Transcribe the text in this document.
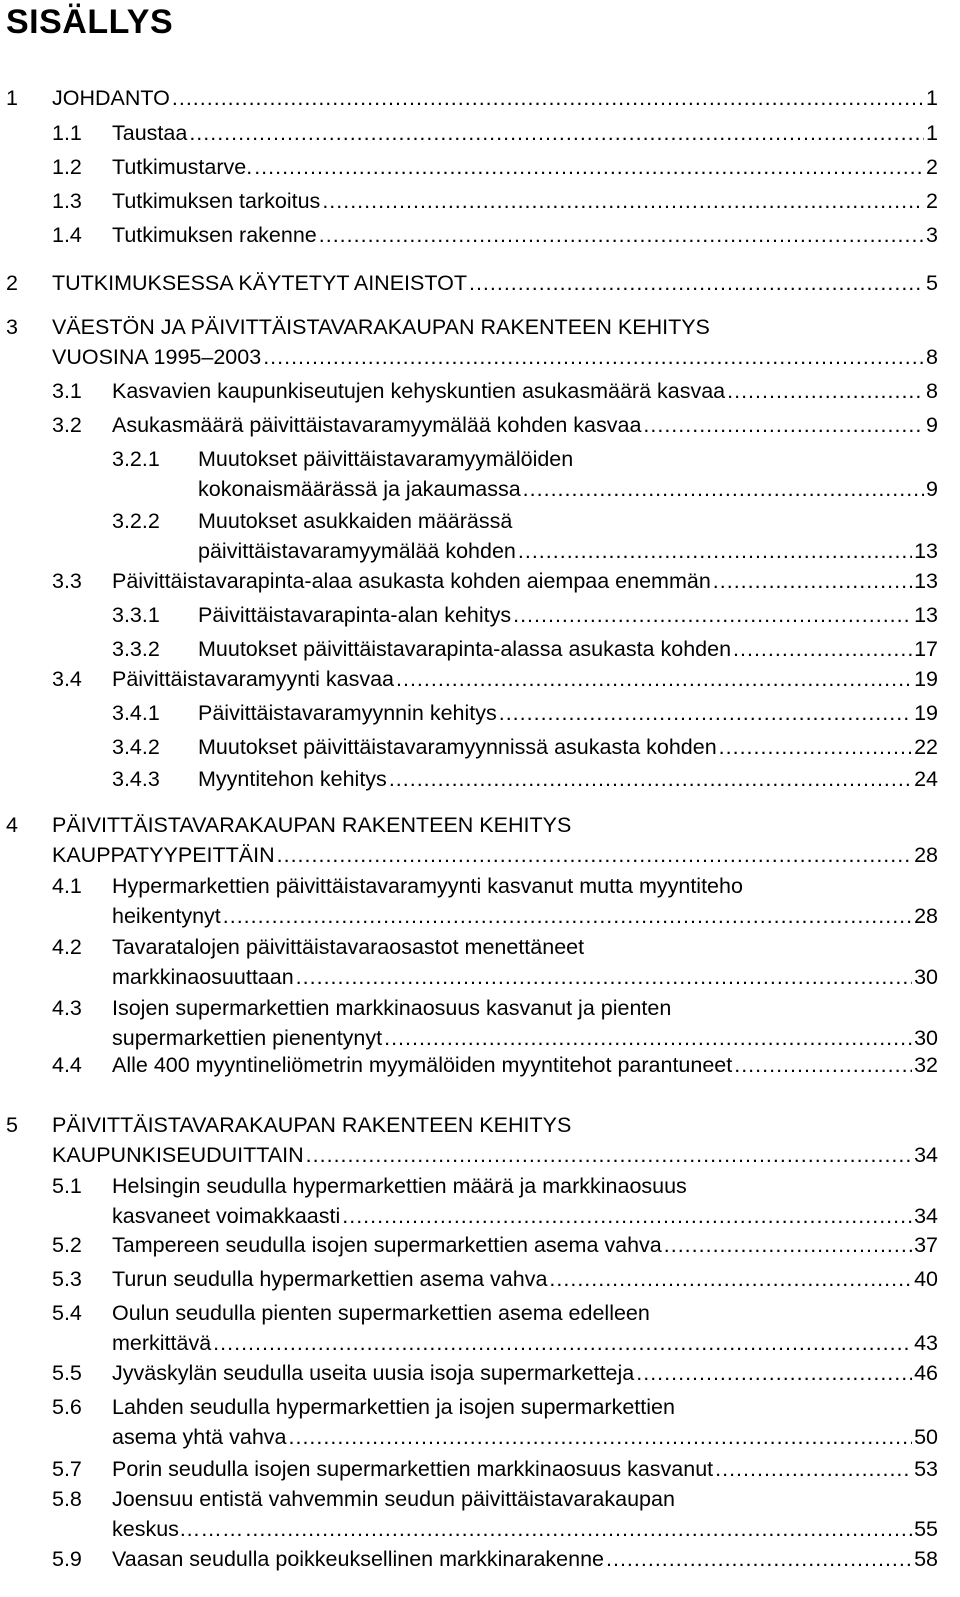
SISÄLLYS
1 JOHDANTO .....	1
1.1 Taustaa .....	1
1.2 Tutkimustarve. .....	2
1.3 Tutkimuksen tarkoitus .....	2
1.4 Tutkimuksen rakenne .....	3
2 TUTKIMUKSESSA KÄYTETYT AINEISTOT .....	5
3 VÄESTÖN JA PÄIVITTÄISTAVARAKAUPAN RAKENTEEN KEHITYS
VUOSINA 1995–2003 .....	8
3.1 Kasvavien kaupunkiseutujen kehyskuntien asukasmäärä kasvaa .....	8
3.2 Asukasmäärä päivittäistavaramyymälää kohden kasvaa .....	9
3.2.1 Muutokset päivittäistavaramyymälöiden
kokonaismäärässä ja jakaumassa .....	9
3.2.2 Muutokset asukkaiden määrässä
päivittäistavaramyymälää kohden .....	13
3.3 Päivittäistavarapinta-alaa asukasta kohden aiempaa enemmän .....	13
3.3.1 Päivittäistavarapinta-alan kehitys .....	13
3.3.2 Muutokset päivittäistavarapinta-alassa asukasta kohden .....	17
3.4 Päivittäistavaramyynti kasvaa .....	19
3.4.1 Päivittäistavaramyynnin kehitys .....	19
3.4.2 Muutokset päivittäistavaramyynnissä asukasta kohden .....	22
3.4.3 Myyntitehon kehitys .....	24
4 PÄIVITTÄISTAVARAKAUPAN RAKENTEEN KEHITYS
KAUPPATYYPEITTÄIN .....	28
4.1 Hypermarkettien päivittäistavaramyynti kasvanut mutta myyntiteho
heikentynyt .....	28
4.2 Tavaratalojen päivittäistavaraosastot menettäneet
markkinaosuuttaan .....	30
4.3 Isojen supermarkettien markkinaosuus kasvanut ja pienten
supermarkettien pienentynyt .....	30
4.4 Alle 400 myyntineliömetrin myymälöiden myyntitehot parantuneet .....	32
5 PÄIVITTÄISTAVARAKAUPAN RAKENTEEN KEHITYS
KAUPUNKISEUDUITTAIN .....	34
5.1 Helsingin seudulla hypermarkettien määrä ja markkinaosuus
kasvaneet voimakkaasti .....	34
5.2 Tampereen seudulla isojen supermarkettien asema vahva .....	37
5.3 Turun seudulla hypermarkettien asema vahva .....	40
5.4 Oulun seudulla pienten supermarkettien asema edelleen
merkittävä .....	43
5.5 Jyväskylän seudulla useita uusia isoja supermarketteja .....	46
5.6 Lahden seudulla hypermarkettien ja isojen supermarkettien
asema yhtä vahva .....	50
5.7 Porin seudulla isojen supermarkettien markkinaosuus kasvanut .....	53
5.8 Joensuu entistä vahvemmin seudun päivittäistavarakaupan
keskus……… .....	55
5.9 Vaasan seudulla poikkeuksellinen markkinarakenne .....	58
